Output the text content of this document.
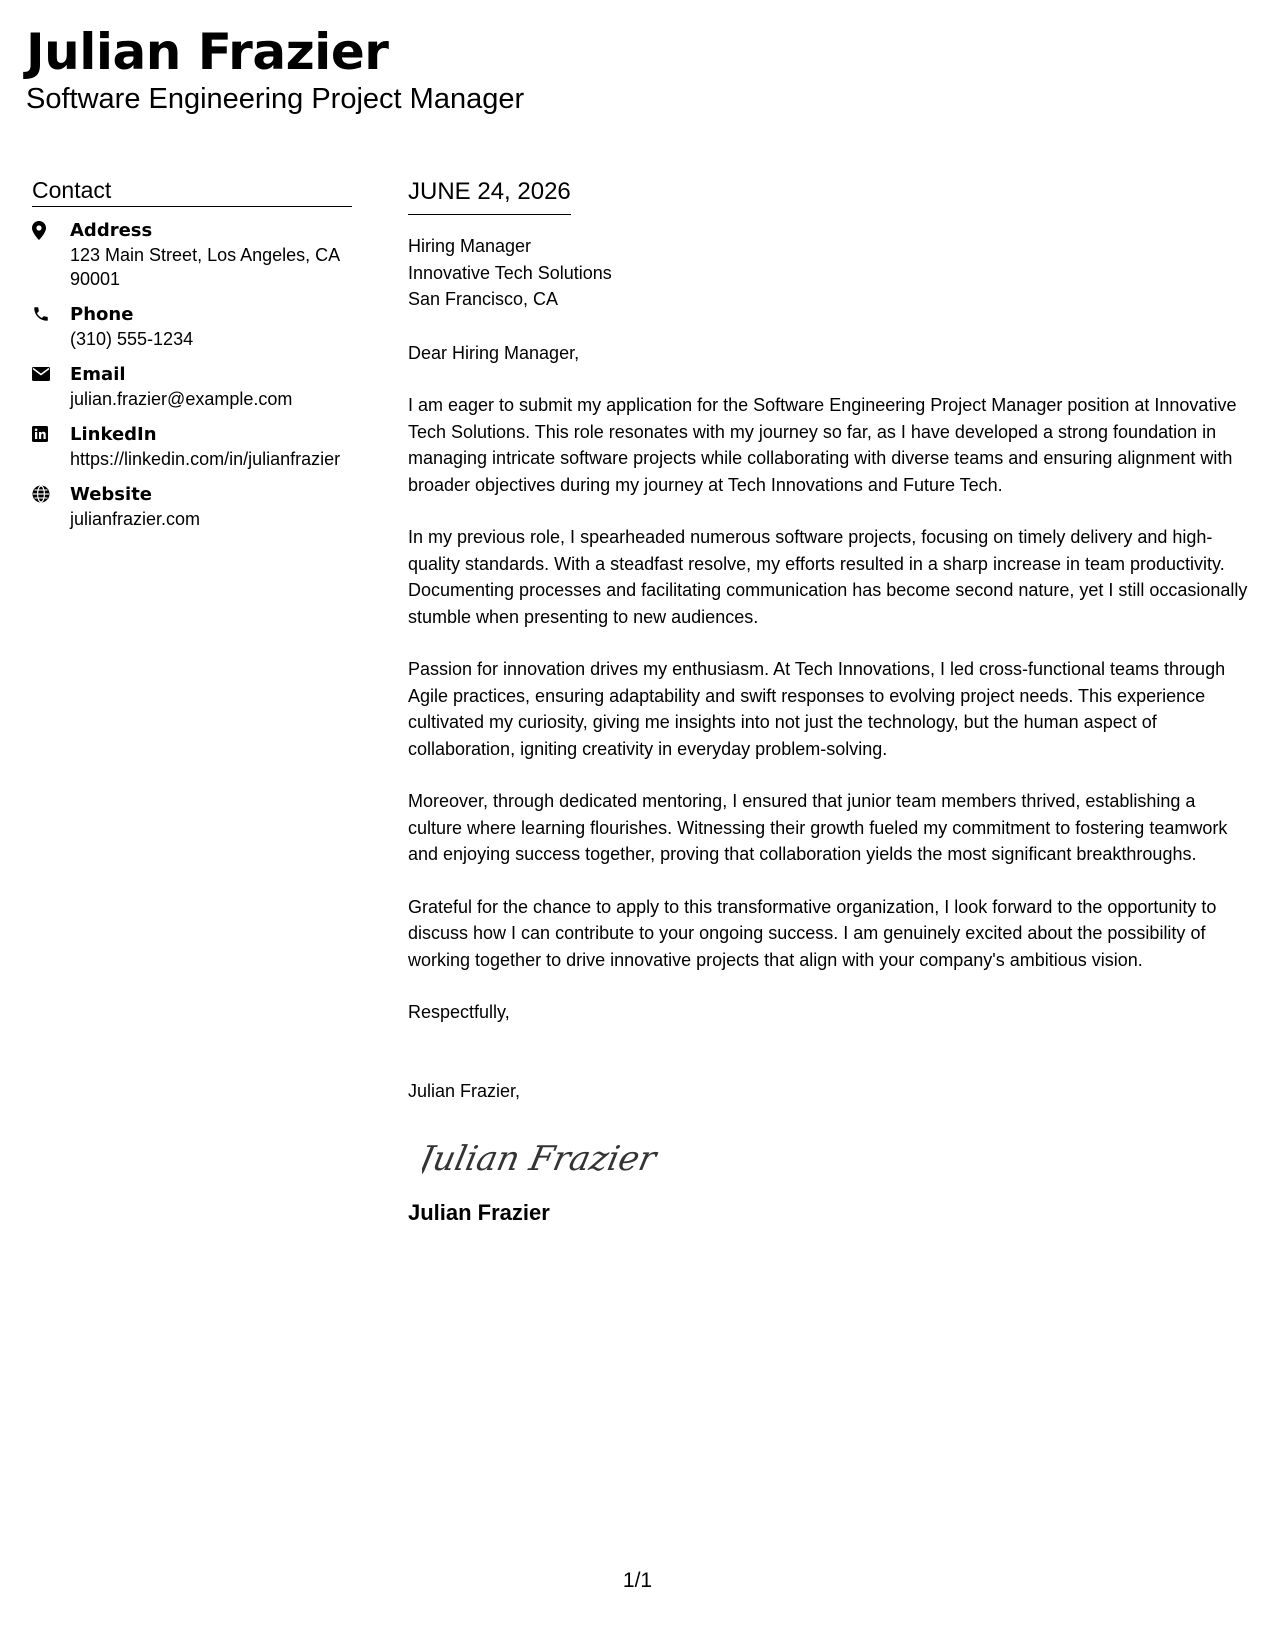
Julian Frazier
Software Engineering Project Manager
Contact
Address
123 Main Street, Los Angeles, CA 90001
Phone
(310) 555-1234
Email
julian.frazier@example.com
LinkedIn
https://linkedin.com/in/julianfrazier
Website
julianfrazier.com
JUNE 24, 2026
Hiring Manager
Innovative Tech Solutions
San Francisco, CA

Dear Hiring Manager,

I am eager to submit my application for the Software Engineering Project Manager position at Innovative Tech Solutions. This role resonates with my journey so far, as I have developed a strong foundation in managing intricate software projects while collaborating with diverse teams and ensuring alignment with broader objectives during my journey at Tech Innovations and Future Tech.

In my previous role, I spearheaded numerous software projects, focusing on timely delivery and high-quality standards. With a steadfast resolve, my efforts resulted in a sharp increase in team productivity. Documenting processes and facilitating communication has become second nature, yet I still occasionally stumble when presenting to new audiences.

Passion for innovation drives my enthusiasm. At Tech Innovations, I led cross-functional teams through Agile practices, ensuring adaptability and swift responses to evolving project needs. This experience cultivated my curiosity, giving me insights into not just the technology, but the human aspect of collaboration, igniting creativity in everyday problem-solving.

Moreover, through dedicated mentoring, I ensured that junior team members thrived, establishing a culture where learning flourishes. Witnessing their growth fueled my commitment to fostering teamwork and enjoying success together, proving that collaboration yields the most significant breakthroughs.

Grateful for the chance to apply to this transformative organization, I look forward to the opportunity to discuss how I can contribute to your ongoing success. I am genuinely excited about the possibility of working together to drive innovative projects that align with your company's ambitious vision.

Respectfully,

Julian Frazier,

Julian Frazier
Julian Frazier
1/1
